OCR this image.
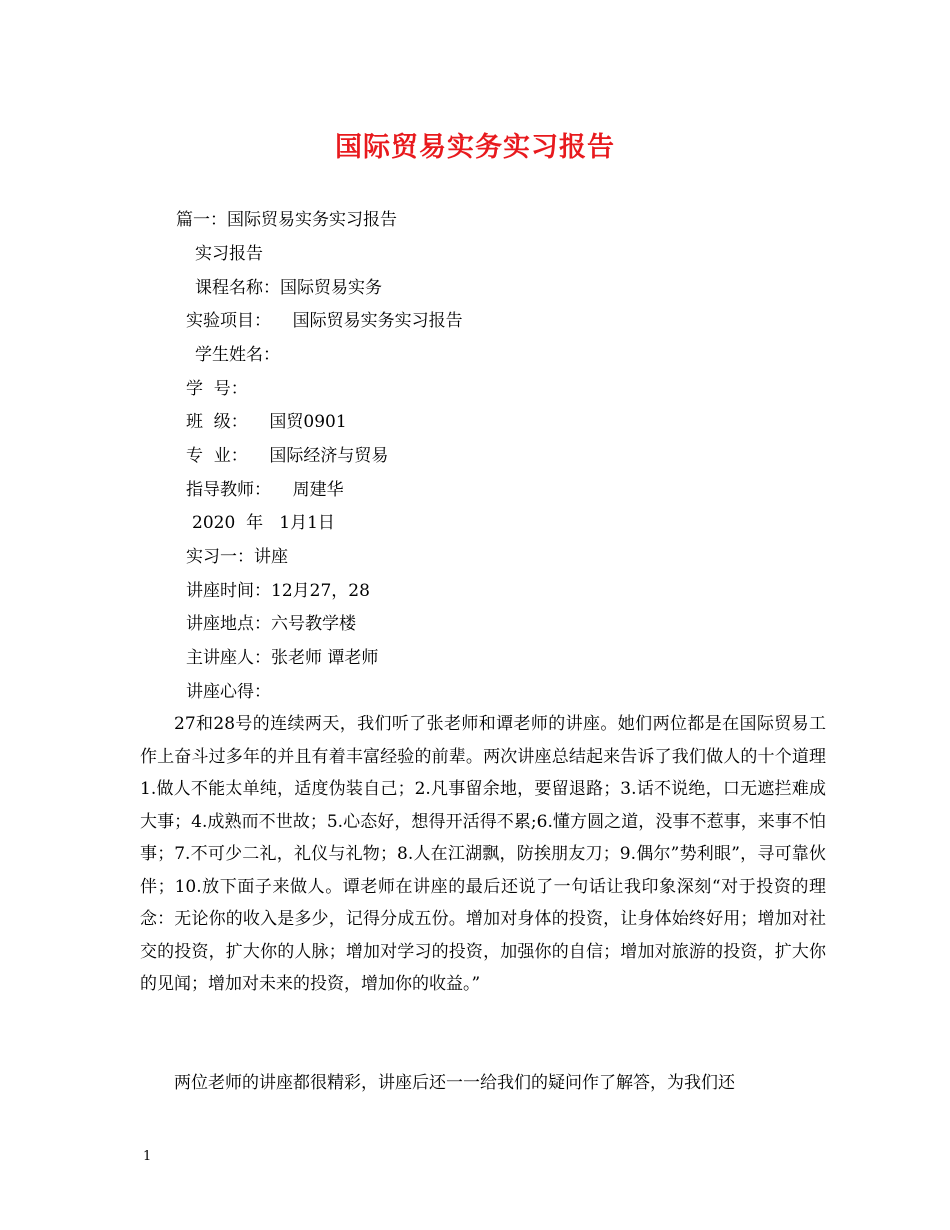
国际贸易实务实习报告
篇一：国际贸易实务实习报告
实习报告
课程名称：国际贸易实务
实验项目：    国际贸易实务实习报告
学生姓名：
学  号：
班  级：    国贸0901
专  业：    国际经济与贸易
指导教师：    周建华
2020  年   1月1日
实习一：讲座
讲座时间：12月27，28
讲座地点：六号教学楼
主讲座人：张老师 谭老师
讲座心得：

27和28号的连续两天，我们听了张老师和谭老师的讲座。她们两位都是在国际贸易工作上奋斗过多年的并且有着丰富经验的前辈。两次讲座总结起来告诉了我们做人的十个道理1.做人不能太单纯，适度伪装自己；2.凡事留余地，要留退路；3.话不说绝，口无遮拦难成大事；4.成熟而不世故；5.心态好，想得开活得不累;6.懂方圆之道，没事不惹事，来事不怕事；7.不可少二礼，礼仪与礼物；8.人在江湖飘，防挨朋友刀；9.偶尔”势利眼”，寻可靠伙伴；10.放下面子来做人。谭老师在讲座的最后还说了一句话让我印象深刻“对于投资的理念：无论你的收入是多少，记得分成五份。增加对身体的投资，让身体始终好用；增加对社交的投资，扩大你的人脉；增加对学习的投资，加强你的自信；增加对旅游的投资，扩大你的见闻；增加对未来的投资，增加你的收益。”

两位老师的讲座都很精彩，讲座后还一一给我们的疑问作了解答，为我们还

1
